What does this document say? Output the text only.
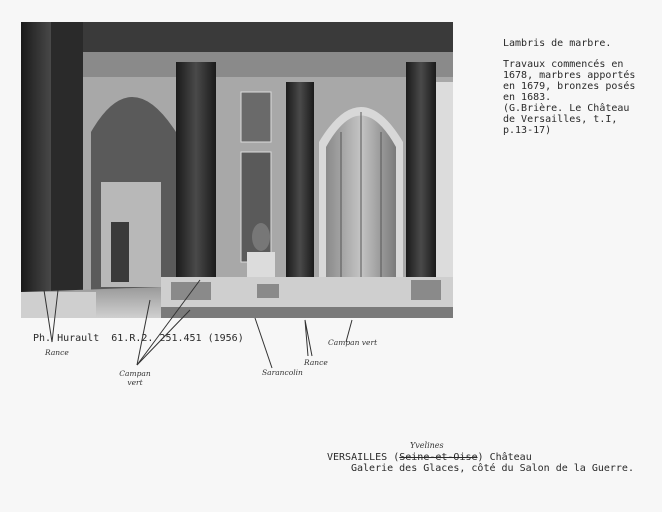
Lambris de marbre.
Travaux commencés en
1678, marbres apportés
en 1679, bronzes posés
en 1683.
(G.Brière. Le Château
de Versailles, t.I,
p.13-17)
Ph. Hurault  61.R.2. 251.451 (1956)
Rance
Campan vert
Sarancolin
Rance
Campan vert
Yvelines
VERSAILLES (Seine-et-Oise) Château
Galerie des Glaces, côté du Salon de la Guerre.
